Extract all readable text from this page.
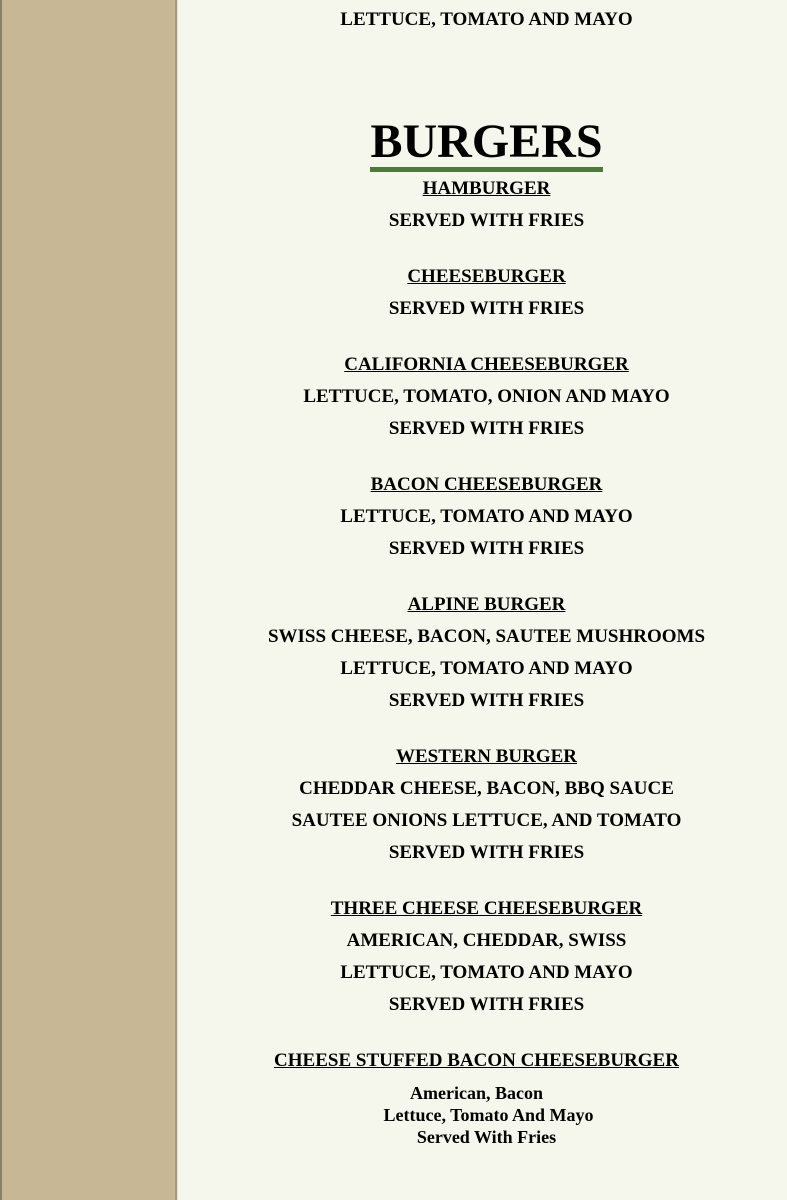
LETTUCE, TOMATO AND MAYO

BURGERS

HAMBURGER

SERVED WITH FRIES

CHEESEBURGER

SERVED WITH FRIES

CALIFORNIA CHEESEBURGER

LETTUCE, TOMATO, ONION AND MAYO

SERVED WITH FRIES

BACON CHEESEBURGER

LETTUCE, TOMATO AND MAYO

SERVED WITH FRIES

ALPINE BURGER

SWISS CHEESE, BACON, SAUTEE MUSHROOMS

LETTUCE, TOMATO AND MAYO

SERVED WITH FRIES

WESTERN BURGER

CHEDDAR CHEESE, BACON, BBQ SAUCE

SAUTEE ONIONS LETTUCE, AND TOMATO

SERVED WITH FRIES

THREE CHEESE CHEESEBURGER

AMERICAN, CHEDDAR, SWISS

LETTUCE, TOMATO AND MAYO

SERVED WITH FRIES

CHEESE STUFFED BACON CHEESEBURGER

American, Bacon

Lettuce, Tomato And Mayo

Served With Fries
